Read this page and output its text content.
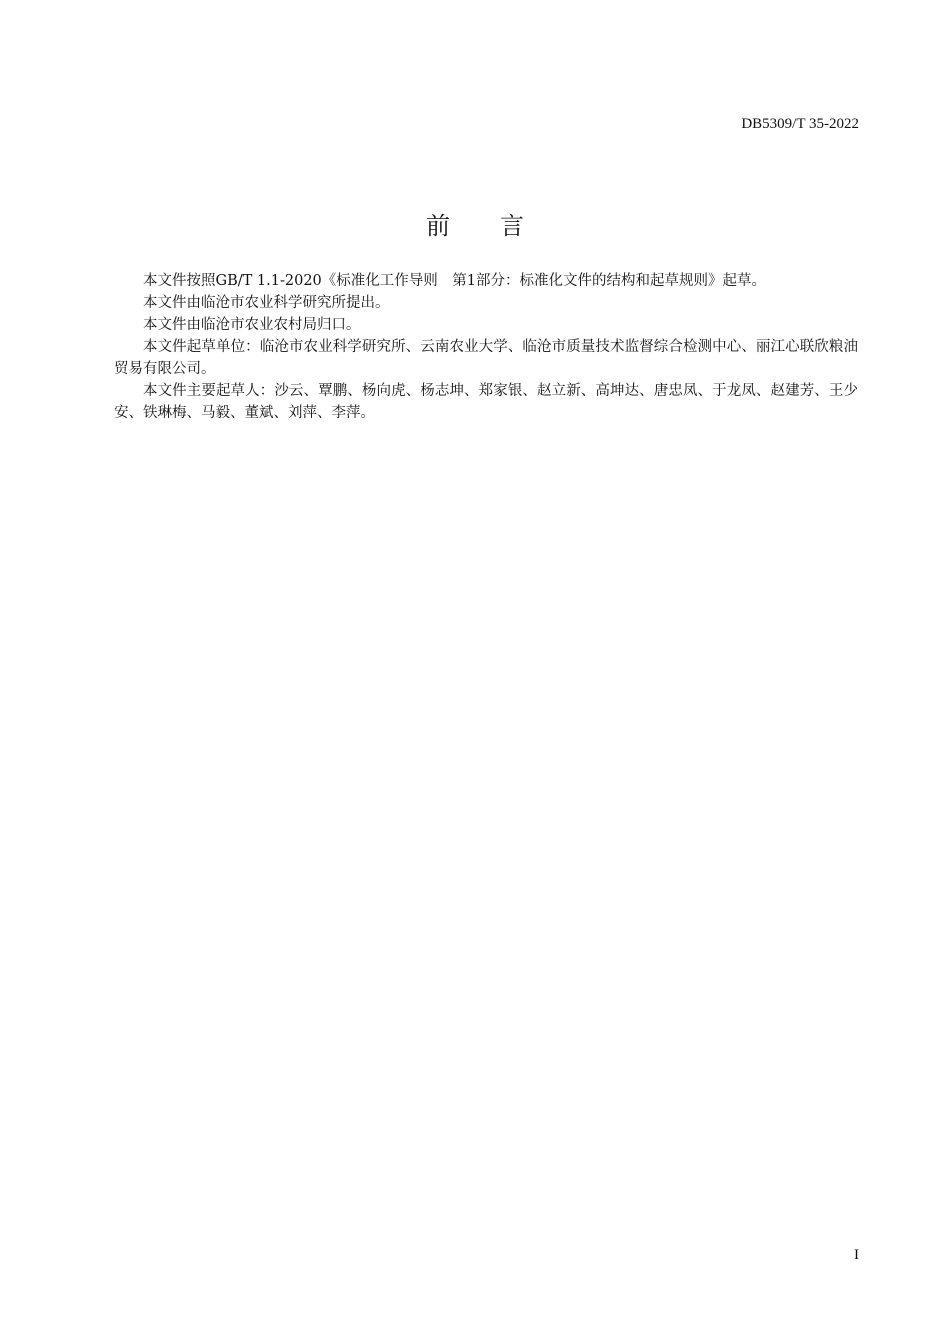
DB5309/T 35-2022
前言

本文件按照GB/T 1.1-2020《标准化工作导则　第1部分：标准化文件的结构和起草规则》起草。

本文件由临沧市农业科学研究所提出。

本文件由临沧市农业农村局归口。

本文件起草单位：临沧市农业科学研究所、云南农业大学、临沧市质量技术监督综合检测中心、丽江心联欣粮油贸易有限公司。

本文件主要起草人：沙云、覃鹏、杨向虎、杨志坤、郑家银、赵立新、高坤达、唐忠凤、于龙凤、赵建芳、王少安、铁琳梅、马毅、董斌、刘萍、李萍。

I
